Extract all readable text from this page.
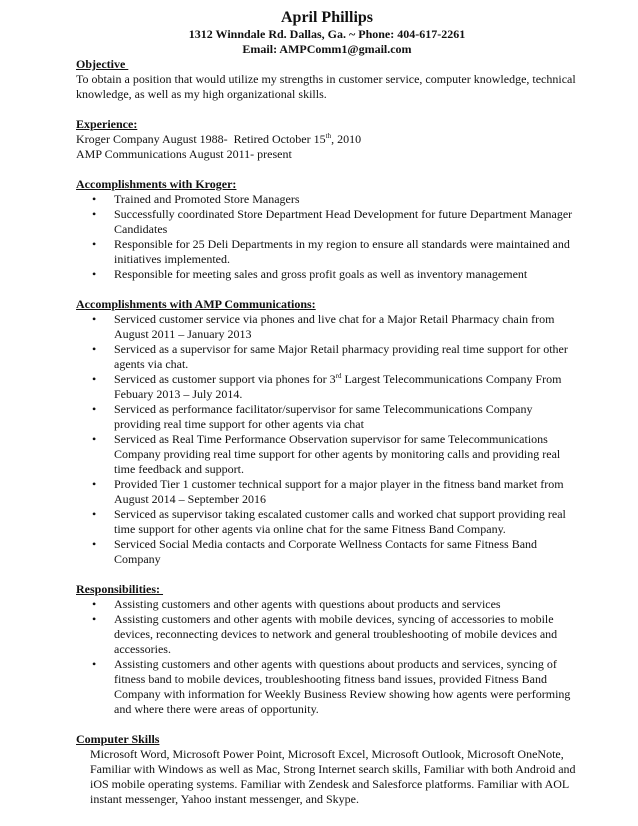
April Phillips

1312 Winndale Rd. Dallas, Ga. ~ Phone: 404-617-2261

Email: AMPComm1@gmail.com

Objective

To obtain a position that would utilize my strengths in customer service, computer knowledge, technical knowledge, as well as my high organizational skills.

Experience:

Kroger Company August 1988-  Retired October 15th, 2010

AMP Communications August 2011- present

Accomplishments with Kroger:

• Trained and Promoted Store Managers
• Successfully coordinated Store Department Head Development for future Department Manager Candidates
• Responsible for 25 Deli Departments in my region to ensure all standards were maintained and initiatives implemented.
• Responsible for meeting sales and gross profit goals as well as inventory management

Accomplishments with AMP Communications:

• Serviced customer service via phones and live chat for a Major Retail Pharmacy chain from August 2011 – January 2013
• Serviced as a supervisor for same Major Retail pharmacy providing real time support for other agents via chat.
• Serviced as customer support via phones for 3rd Largest Telecommunications Company From Febuary 2013 – July 2014.
• Serviced as performance facilitator/supervisor for same Telecommunications Company providing real time support for other agents via chat
• Serviced as Real Time Performance Observation supervisor for same Telecommunications Company providing real time support for other agents by monitoring calls and providing real time feedback and support.
• Provided Tier 1 customer technical support for a major player in the fitness band market from August 2014 – September 2016
• Serviced as supervisor taking escalated customer calls and worked chat support providing real time support for other agents via online chat for the same Fitness Band Company.
• Serviced Social Media contacts and Corporate Wellness Contacts for same Fitness Band Company

Responsibilities:

• Assisting customers and other agents with questions about products and services
• Assisting customers and other agents with mobile devices, syncing of accessories to mobile devices, reconnecting devices to network and general troubleshooting of mobile devices and accessories.
• Assisting customers and other agents with questions about products and services, syncing of fitness band to mobile devices, troubleshooting fitness band issues, provided Fitness Band Company with information for Weekly Business Review showing how agents were performing and where there were areas of opportunity.

Computer Skills

Microsoft Word, Microsoft Power Point, Microsoft Excel, Microsoft Outlook, Microsoft OneNote, Familiar with Windows as well as Mac, Strong Internet search skills, Familiar with both Android and iOS mobile operating systems. Familiar with Zendesk and Salesforce platforms. Familiar with AOL instant messenger, Yahoo instant messenger, and Skype.
